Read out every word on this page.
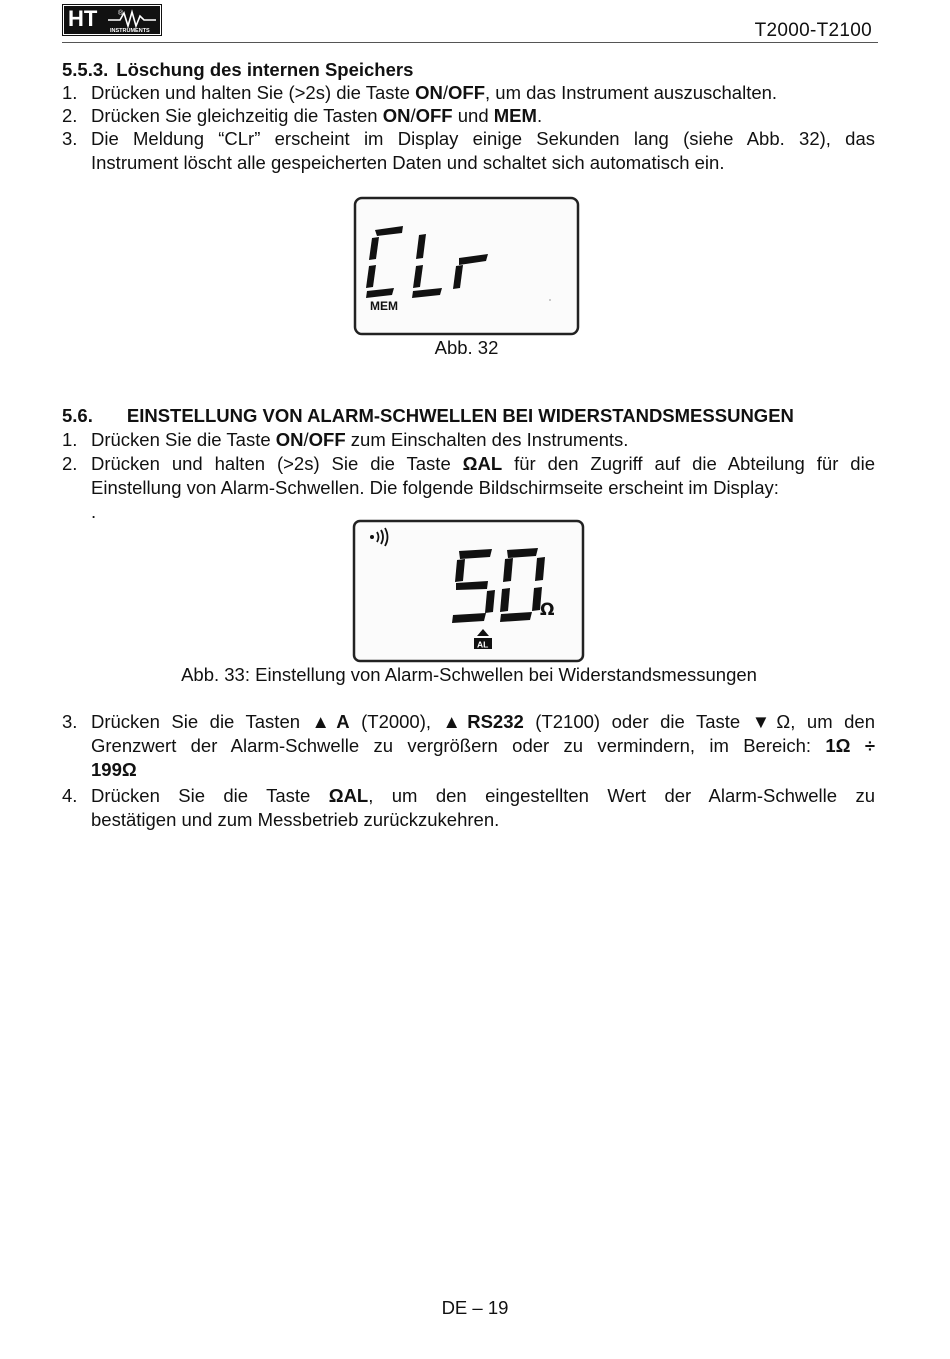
HT	®
INSTRUMENTS	T2000-T2100
5.5.3. Löschung des internen Speichers
1. Drücken und halten Sie (>2s) die Taste ON/OFF, um das Instrument auszuschalten.
2. Drücken Sie gleichzeitig die Tasten ON/OFF und MEM.
3. Die Meldung “CLr” erscheint im Display einige Sekunden lang (siehe Abb. 32), das
Instrument löscht alle gespeicherten Daten und schaltet sich automatisch ein.
MEM
Abb. 32
5.6. EINSTELLUNG VON ALARM-SCHWELLEN BEI WIDERSTANDSMESSUNGEN
1. Drücken Sie die Taste ON/OFF zum Einschalten des Instruments.
2. Drücken und halten (>2s) Sie die Taste ΩAL für den Zugriff auf die Abteilung für die
Einstellung von Alarm-Schwellen. Die folgende Bildschirmseite erscheint im Display:
.
Ω
AL
Abb. 33: Einstellung von Alarm-Schwellen bei Widerstandsmessungen
3. Drücken Sie die Tasten ▲A (T2000), ▲RS232 (T2100) oder die Taste ▼Ω, um den
Grenzwert der Alarm-Schwelle zu vergrößern oder zu vermindern, im Bereich: 1Ω ÷
199Ω
4. Drücken Sie die Taste ΩAL, um den eingestellten Wert der Alarm-Schwelle zu
bestätigen und zum Messbetrieb zurückzukehren.
DE – 19
